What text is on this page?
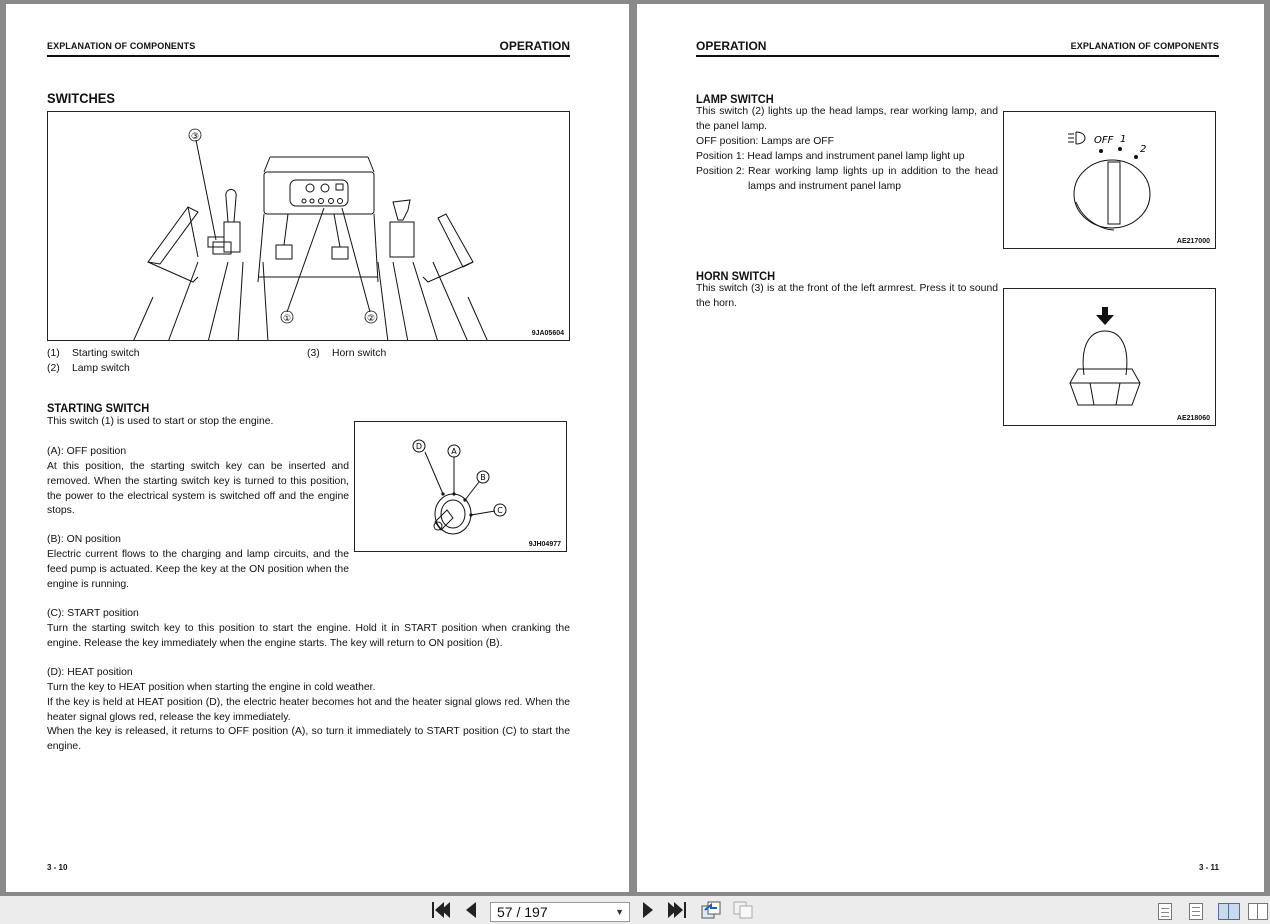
EXPLANATION OF COMPONENTS	OPERATION
SWITCHES
③
①	②
9JA05604
(1) Starting switch
(2) Lamp switch
(3) Horn switch
STARTING SWITCH
This switch (1) is used to start or stop the engine.
(A): OFF position
At this position, the starting switch key can be inserted and removed. When the starting switch key is turned to this position, the power to the electrical system is switched off and the engine stops.
(B): ON position
Electric current flows to the charging and lamp circuits, and the feed pump is actuated. Keep the key at the ON position when the engine is running.
(C): START position
Turn the starting switch key to this position to start the engine. Hold it in START position when cranking the engine. Release the key immediately when the engine starts. The key will return to ON position (B).
(D): HEAT position
Turn the key to HEAT position when starting the engine in cold weather.
If the key is held at HEAT position (D), the electric heater becomes hot and the heater signal glows red. When the heater signal glows red, release the key immediately.
When the key is released, it returns to OFF position (A), so turn it immediately to START position (C) to start the engine.
D
A
B
C
9JH04977
3 - 10
OPERATION	EXPLANATION OF COMPONENTS
LAMP SWITCH
This switch (2) lights up the head lamps, rear working lamp, and the panel lamp.
OFF position: Lamps are OFF
Position 1: Head lamps and instrument panel lamp light up
Position 2: Rear working lamp lights up in addition to the head lamps and instrument panel lamp
OFF 1
2
AE217000
HORN SWITCH
This switch (3) is at the front of the left armrest. Press it to sound the horn.
AE218060
3 - 11
57 / 197	▼
